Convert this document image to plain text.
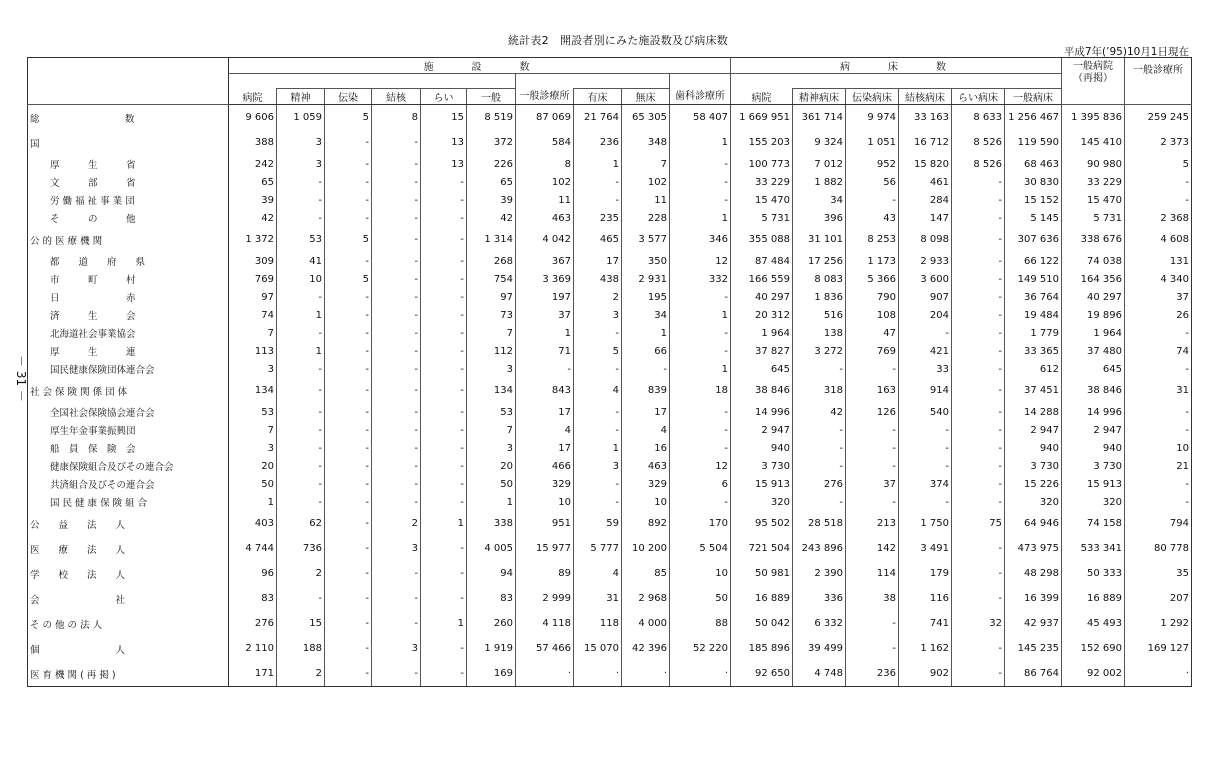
統計表2　開設者別にみた施設数及び病床数
平成7年(’95)10月1日現在
－ 31 －
	施　　設　　数										病　　床　　数						一般病院（再掲）	一般診療所
							一般診療所			歯科診療所								
	病院	精神	伝染	結核	らい	一般		有床	無床		病院	精神病床	伝染病床	結核病床	らい病床	一般病床		
総　　　　　　　　　数	9 606	1 059	5	8	15	8 519	87 069	21 764	65 305	58 407	1 669 951	361 714	9 974	33 163	8 633	1 256 467	1 395 836	259 245
国	388	3	-	-	13	372	584	236	348	1	155 203	9 324	1 051	16 712	8 526	119 590	145 410	2 373
厚　　　生　　　省	242	3	-	-	13	226	8	1	7	-	100 773	7 012	952	15 820	8 526	68 463	90 980	5
文　　　部　　　省	65	-	-	-	-	65	102	-	102	-	33 229	1 882	56	461	-	30 830	33 229	-
労 働 福 祉 事 業 団	39	-	-	-	-	39	11	-	11	-	15 470	34	-	284	-	15 152	15 470	-
そ　　　の　　　他	42	-	-	-	-	42	463	235	228	1	5 731	396	43	147	-	5 145	5 731	2 368
公 的 医 療 機 関	1 372	53	5	-	-	1 314	4 042	465	3 577	346	355 088	31 101	8 253	8 098	-	307 636	338 676	4 608
都　　道　　府　　県	309	41	-	-	-	268	367	17	350	12	87 484	17 256	1 173	2 933	-	66 122	74 038	131
市　　　町　　　村	769	10	5	-	-	754	3 369	438	2 931	332	166 559	8 083	5 366	3 600	-	149 510	164 356	4 340
日　　　　　　　赤	97	-	-	-	-	97	197	2	195	-	40 297	1 836	790	907	-	36 764	40 297	37
済　　　生　　　会	74	1	-	-	-	73	37	3	34	1	20 312	516	108	204	-	19 484	19 896	26
北海道社会事業協会	7	-	-	-	-	7	1	-	1	-	1 964	138	47	-	-	1 779	1 964	-
厚　　　生　　　連	113	1	-	-	-	112	71	5	66	-	37 827	3 272	769	421	-	33 365	37 480	74
国民健康保険団体連合会	3	-	-	-	-	3	-	-	-	1	645	-	-	33	-	612	645	-
社 会 保 険 関 係 団 体	134	-	-	-	-	134	843	4	839	18	38 846	318	163	914	-	37 451	38 846	31
全国社会保険協会連合会	53	-	-	-	-	53	17	-	17	-	14 996	42	126	540	-	14 288	14 996	-
厚生年金事業振興団	7	-	-	-	-	7	4	-	4	-	2 947	-	-	-	-	2 947	2 947	-
船　員　保　険　会	3	-	-	-	-	3	17	1	16	-	940	-	-	-	-	940	940	10
健康保険組合及びその連合会	20	-	-	-	-	20	466	3	463	12	3 730	-	-	-	-	3 730	3 730	21
共済組合及びその連合会	50	-	-	-	-	50	329	-	329	6	15 913	276	37	374	-	15 226	15 913	-
国 民 健 康 保 険 組 合	1	-	-	-	-	1	10	-	10	-	320	-	-	-	-	320	320	-
公　　益　　法　　人	403	62	-	2	1	338	951	59	892	170	95 502	28 518	213	1 750	75	64 946	74 158	794
医　　療　　法　　人	4 744	736	-	3	-	4 005	15 977	5 777	10 200	5 504	721 504	243 896	142	3 491	-	473 975	533 341	80 778
学　　校　　法　　人	96	2	-	-	-	94	89	4	85	10	50 981	2 390	114	179	-	48 298	50 333	35
会　　　　　　　　社	83	-	-	-	-	83	2 999	31	2 968	50	16 889	336	38	116	-	16 399	16 889	207
そ の 他 の 法 人	276	15	-	-	1	260	4 118	118	4 000	88	50 042	6 332	-	741	32	42 937	45 493	1 292
個　　　　　　　　人	2 110	188	-	3	-	1 919	57 466	15 070	42 396	52 220	185 896	39 499	-	1 162	-	145 235	152 690	169 127
医 育 機 関 ( 再 掲 )	171	2	-	-	-	169	·	·	·	·	92 650	4 748	236	902	-	86 764	92 002	·
